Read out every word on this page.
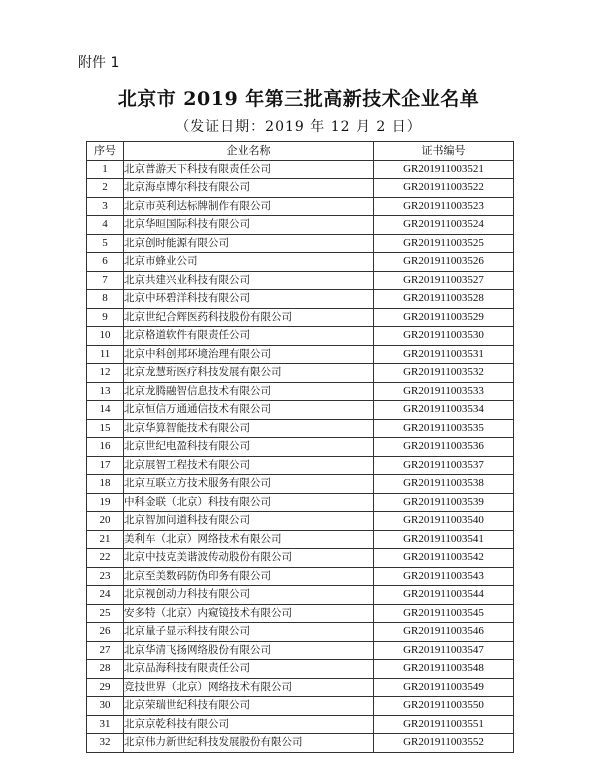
附件 1
北京市 2019 年第三批高新技术企业名单
（发证日期：2019 年 12 月 2 日）
序号	企业名称	证书编号
1	北京普游天下科技有限责任公司	GR201911003521
2	北京海卓博尔科技有限公司	GR201911003522
3	北京市英利达标牌制作有限公司	GR201911003523
4	北京华晅国际科技有限公司	GR201911003524
5	北京创时能源有限公司	GR201911003525
6	北京市蜂业公司	GR201911003526
7	北京共建兴业科技有限公司	GR201911003527
8	北京中环碧洋科技有限公司	GR201911003528
9	北京世纪合辉医药科技股份有限公司	GR201911003529
10	北京格道软件有限责任公司	GR201911003530
11	北京中科创邦环境治理有限公司	GR201911003531
12	北京龙慧珩医疗科技发展有限公司	GR201911003532
13	北京龙腾融智信息技术有限公司	GR201911003533
14	北京恒信万通通信技术有限公司	GR201911003534
15	北京华算智能技术有限公司	GR201911003535
16	北京世纪电盈科技有限公司	GR201911003536
17	北京展智工程技术有限公司	GR201911003537
18	北京互联立方技术服务有限公司	GR201911003538
19	中科金联（北京）科技有限公司	GR201911003539
20	北京智加问道科技有限公司	GR201911003540
21	美利车（北京）网络技术有限公司	GR201911003541
22	北京中技克美谐波传动股份有限公司	GR201911003542
23	北京至美数码防伪印务有限公司	GR201911003543
24	北京视创动力科技有限公司	GR201911003544
25	安多特（北京）内窥镜技术有限公司	GR201911003545
26	北京量子显示科技有限公司	GR201911003546
27	北京华清飞扬网络股份有限公司	GR201911003547
28	北京品海科技有限责任公司	GR201911003548
29	竞技世界（北京）网络技术有限公司	GR201911003549
30	北京荣瑞世纪科技有限公司	GR201911003550
31	北京京乾科技有限公司	GR201911003551
32	北京伟力新世纪科技发展股份有限公司	GR201911003552
